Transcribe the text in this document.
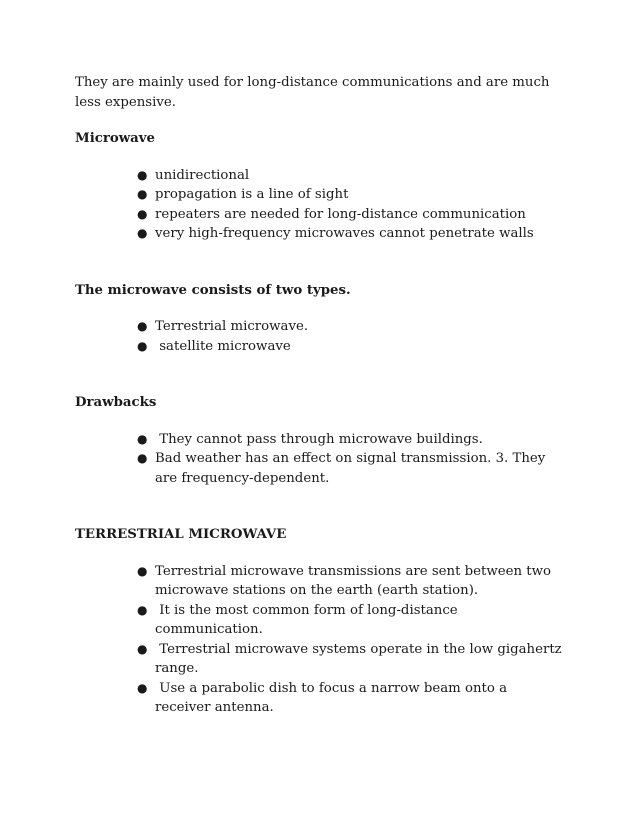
They are mainly used for long-distance communications and are much less expensive.

Microwave
● unidirectional
● propagation is a line of sight
● repeaters are needed for long-distance communication
● very high-frequency microwaves cannot penetrate walls
The microwave consists of two types.
● Terrestrial microwave.
● satellite microwave
Drawbacks
● They cannot pass through microwave buildings.
● Bad weather has an effect on signal transmission. 3. They are frequency-dependent.
TERRESTRIAL MICROWAVE
● Terrestrial microwave transmissions are sent between two microwave stations on the earth (earth station).
● It is the most common form of long-distance communication.
● Terrestrial microwave systems operate in the low gigahertz range.
● Use a parabolic dish to focus a narrow beam onto a receiver antenna.
